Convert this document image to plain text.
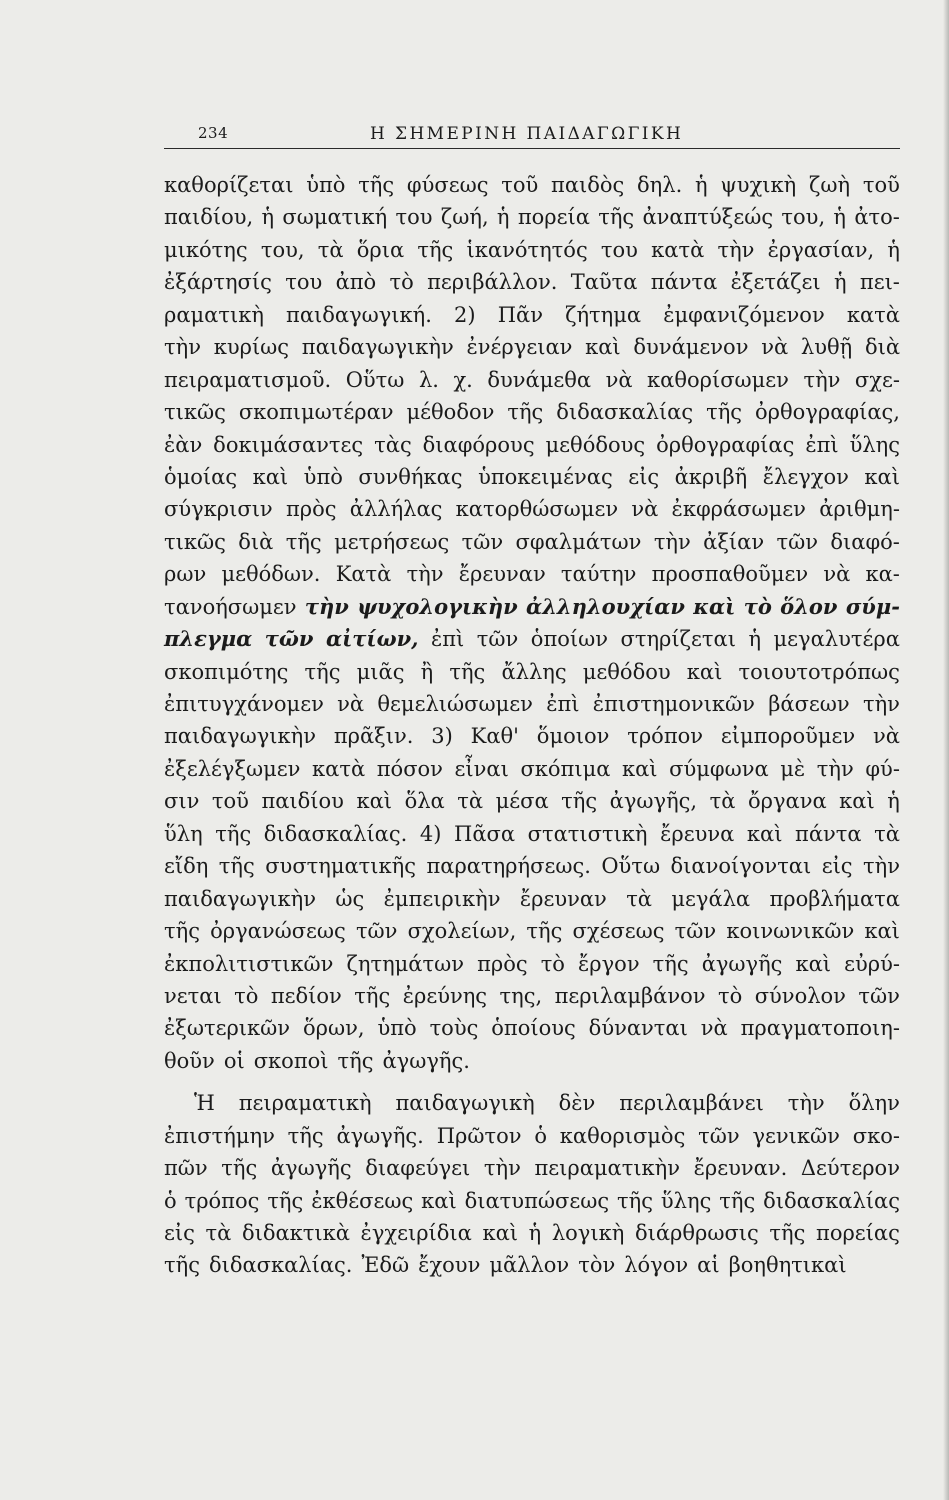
234	Η ΣΗΜΕΡΙΝΗ ΠΑΙΔΑΓΩΓΙΚΗ
καθορίζεται ὑπὸ τῆς φύσεως τοῦ παιδὸς δηλ. ἡ ψυχικὴ ζωὴ τοῦ
παιδίου, ἡ σωματική του ζωή, ἡ πορεία τῆς ἀναπτύξεώς του, ἡ ἀτο-
μικότης του, τὰ ὅρια τῆς ἱκανότητός του κατὰ τὴν ἐργασίαν, ἡ
ἐξάρτησίς του ἀπὸ τὸ περιβάλλον. Ταῦτα πάντα ἐξετάζει ἡ πει-
ραματικὴ παιδαγωγική. 2) Πᾶν ζήτημα ἐμφανιζόμενον κατὰ
τὴν κυρίως παιδαγωγικὴν ἐνέργειαν καὶ δυνάμενον νὰ λυθῇ διὰ
πειραματισμοῦ. Οὕτω λ. χ. δυνάμεθα νὰ καθορίσωμεν τὴν σχε-
τικῶς σκοπιμωτέραν μέθοδον τῆς διδασκαλίας τῆς ὀρθογραφίας,
ἐὰν δοκιμάσαντες τὰς διαφόρους μεθόδους ὀρθογραφίας ἐπὶ ὕλης
ὁμοίας καὶ ὑπὸ συνθήκας ὑποκειμένας εἰς ἀκριβῆ ἔλεγχον καὶ
σύγκρισιν πρὸς ἀλλήλας κατορθώσωμεν νὰ ἐκφράσωμεν ἀριθμη-
τικῶς διὰ τῆς μετρήσεως τῶν σφαλμάτων τὴν ἀξίαν τῶν διαφό-
ρων μεθόδων. Κατὰ τὴν ἔρευναν ταύτην προσπαθοῦμεν νὰ κα-
τανοήσωμεν τὴν ψυχολογικὴν ἀλληλουχίαν καὶ τὸ ὅλον σύμ-
πλεγμα τῶν αἰτίων, ἐπὶ τῶν ὁποίων στηρίζεται ἡ μεγαλυτέρα
σκοπιμότης τῆς μιᾶς ἢ τῆς ἄλλης μεθόδου καὶ τοιουτοτρόπως
ἐπιτυγχάνομεν νὰ θεμελιώσωμεν ἐπὶ ἐπιστημονικῶν βάσεων τὴν
παιδαγωγικὴν πρᾶξιν. 3) Καθ' ὅμοιον τρόπον εἰμποροῦμεν νὰ
ἐξελέγξωμεν κατὰ πόσον εἶναι σκόπιμα καὶ σύμφωνα μὲ τὴν φύ-
σιν τοῦ παιδίου καὶ ὅλα τὰ μέσα τῆς ἀγωγῆς, τὰ ὄργανα καὶ ἡ
ὕλη τῆς διδασκαλίας. 4) Πᾶσα στατιστικὴ ἔρευνα καὶ πάντα τὰ
εἴδη τῆς συστηματικῆς παρατηρήσεως. Οὕτω διανοίγονται εἰς τὴν
παιδαγωγικὴν ὡς ἐμπειρικὴν ἔρευναν τὰ μεγάλα προβλήματα
τῆς ὀργανώσεως τῶν σχολείων, τῆς σχέσεως τῶν κοινωνικῶν καὶ
ἐκπολιτιστικῶν ζητημάτων πρὸς τὸ ἔργον τῆς ἀγωγῆς καὶ εὐρύ-
νεται τὸ πεδίον τῆς ἐρεύνης της, περιλαμβάνον τὸ σύνολον τῶν
ἐξωτερικῶν ὅρων, ὑπὸ τοὺς ὁποίους δύνανται νὰ πραγματοποιη-
θοῦν οἱ σκοποὶ τῆς ἀγωγῆς.
Ἡ πειραματικὴ παιδαγωγικὴ δὲν περιλαμβάνει τὴν ὅλην
ἐπιστήμην τῆς ἀγωγῆς. Πρῶτον ὁ καθορισμὸς τῶν γενικῶν σκο-
πῶν τῆς ἀγωγῆς διαφεύγει τὴν πειραματικὴν ἔρευναν. Δεύτερον
ὁ τρόπος τῆς ἐκθέσεως καὶ διατυπώσεως τῆς ὕλης τῆς διδασκαλίας
εἰς τὰ διδακτικὰ ἐγχειρίδια καὶ ἡ λογικὴ διάρθρωσις τῆς πορείας
τῆς διδασκαλίας. Ἐδῶ ἔχουν μᾶλλον τὸν λόγον αἱ βοηθητικαὶ
